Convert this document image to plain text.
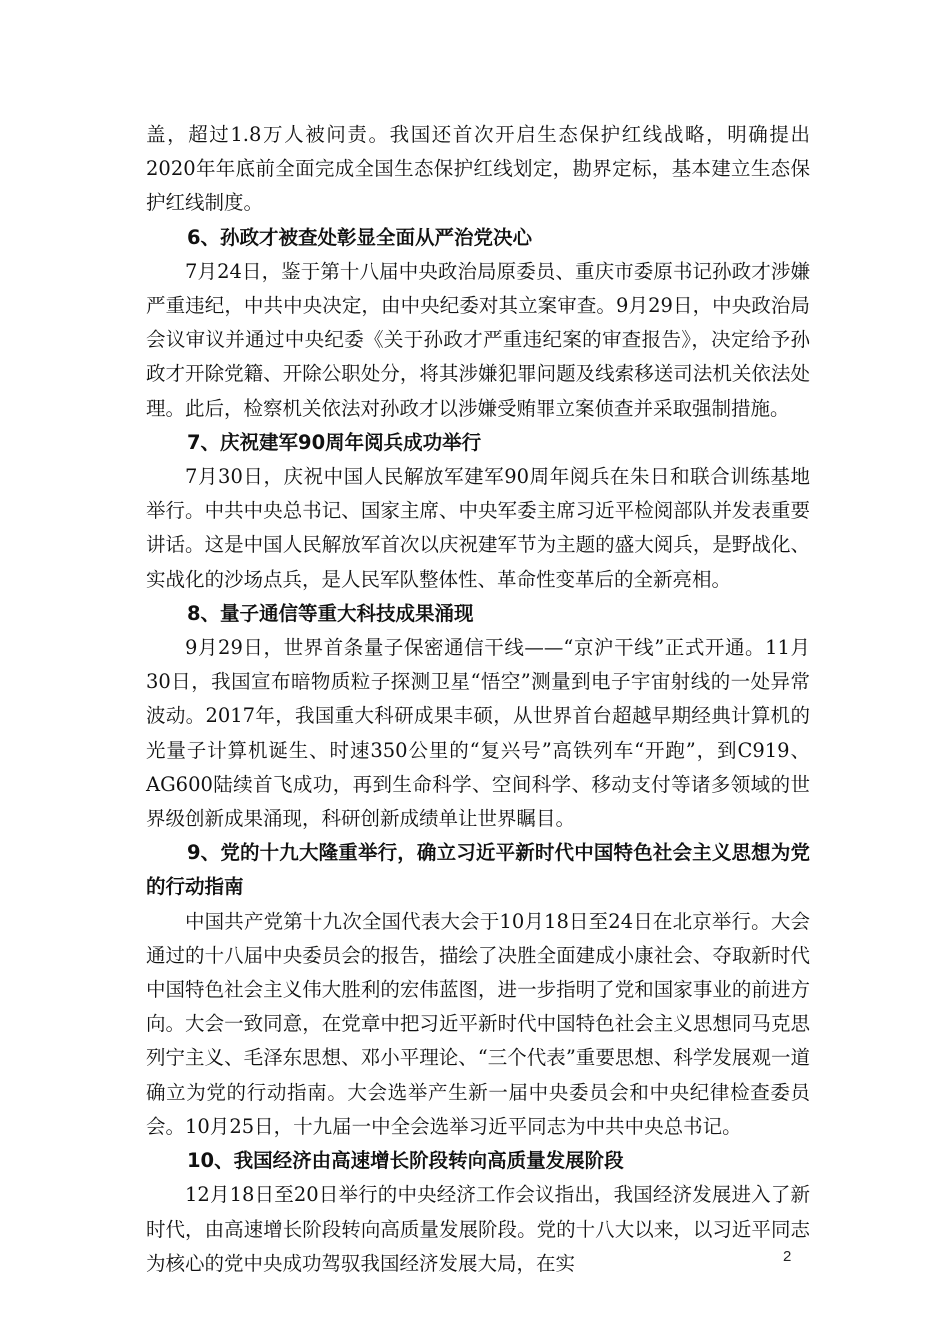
盖，超过1.8万人被问责。我国还首次开启生态保护红线战略，明确提出2020年年底前全面完成全国生态保护红线划定，勘界定标，基本建立生态保护红线制度。

6、孙政才被查处彰显全面从严治党决心

7月24日，鉴于第十八届中央政治局原委员、重庆市委原书记孙政才涉嫌严重违纪，中共中央决定，由中央纪委对其立案审查。9月29日，中央政治局会议审议并通过中央纪委《关于孙政才严重违纪案的审查报告》，决定给予孙政才开除党籍、开除公职处分，将其涉嫌犯罪问题及线索移送司法机关依法处理。此后，检察机关依法对孙政才以涉嫌受贿罪立案侦查并采取强制措施。

7、庆祝建军90周年阅兵成功举行

7月30日，庆祝中国人民解放军建军90周年阅兵在朱日和联合训练基地举行。中共中央总书记、国家主席、中央军委主席习近平检阅部队并发表重要讲话。这是中国人民解放军首次以庆祝建军节为主题的盛大阅兵，是野战化、实战化的沙场点兵，是人民军队整体性、革命性变革后的全新亮相。

8、量子通信等重大科技成果涌现

9月29日，世界首条量子保密通信干线——“京沪干线”正式开通。11月30日，我国宣布暗物质粒子探测卫星“悟空”测量到电子宇宙射线的一处异常波动。2017年，我国重大科研成果丰硕，从世界首台超越早期经典计算机的光量子计算机诞生、时速350公里的“复兴号”高铁列车“开跑”，到C919、AG600陆续首飞成功，再到生命科学、空间科学、移动支付等诸多领域的世界级创新成果涌现，科研创新成绩单让世界瞩目。

9、党的十九大隆重举行，确立习近平新时代中国特色社会主义思想为党的行动指南

中国共产党第十九次全国代表大会于10月18日至24日在北京举行。大会通过的十八届中央委员会的报告，描绘了决胜全面建成小康社会、夺取新时代中国特色社会主义伟大胜利的宏伟蓝图，进一步指明了党和国家事业的前进方向。大会一致同意，在党章中把习近平新时代中国特色社会主义思想同马克思列宁主义、毛泽东思想、邓小平理论、“三个代表”重要思想、科学发展观一道确立为党的行动指南。大会选举产生新一届中央委员会和中央纪律检查委员会。10月25日，十九届一中全会选举习近平同志为中共中央总书记。

10、我国经济由高速增长阶段转向高质量发展阶段

12月18日至20日举行的中央经济工作会议指出，我国经济发展进入了新时代，由高速增长阶段转向高质量发展阶段。党的十八大以来，以习近平同志为核心的党中央成功驾驭我国经济发展大局，在实	2
